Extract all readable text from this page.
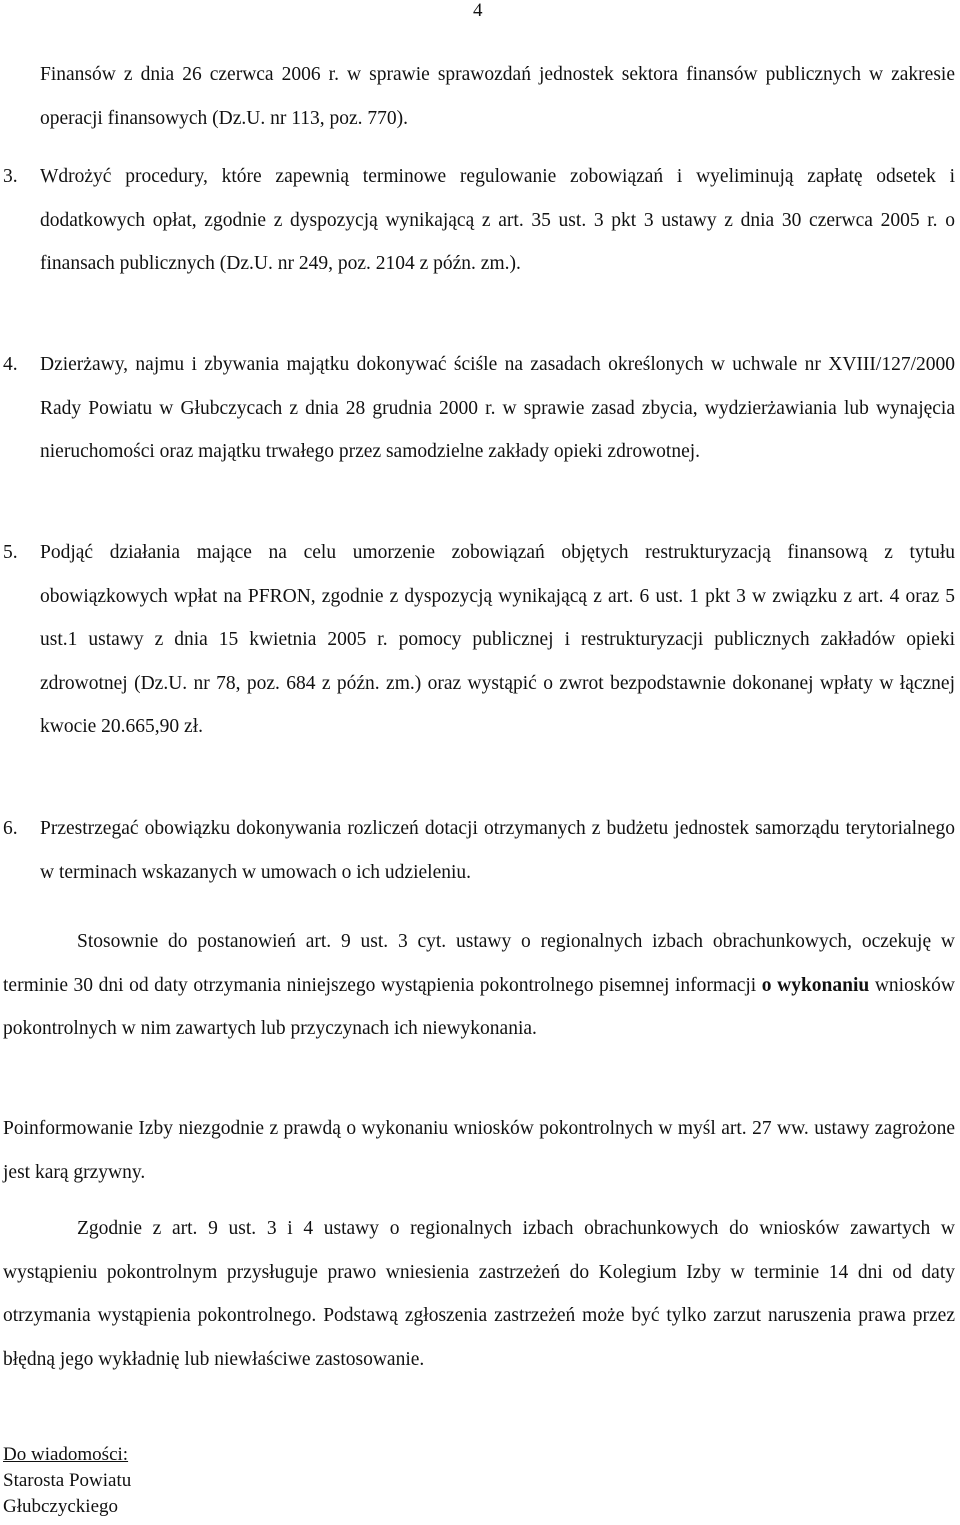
4
Finansów z dnia 26 czerwca 2006 r. w sprawie sprawozdań jednostek sektora finansów publicznych w zakresie operacji finansowych (Dz.U. nr 113, poz. 770).
3. Wdrożyć procedury, które zapewnią terminowe regulowanie zobowiązań i wyeliminują zapłatę odsetek i dodatkowych opłat, zgodnie z dyspozycją wynikającą z art. 35 ust. 3 pkt 3 ustawy z dnia 30 czerwca 2005 r. o finansach publicznych (Dz.U. nr 249, poz. 2104 z późn. zm.).
4. Dzierżawy, najmu i zbywania majątku dokonywać ściśle na zasadach określonych w uchwale nr XVIII/127/2000 Rady Powiatu w Głubczycach z dnia 28 grudnia 2000 r. w sprawie zasad zbycia, wydzierżawiania lub wynajęcia nieruchomości oraz majątku trwałego przez samodzielne zakłady opieki zdrowotnej.
5. Podjąć działania mające na celu umorzenie zobowiązań objętych restrukturyzacją finansową z tytułu obowiązkowych wpłat na PFRON, zgodnie z dyspozycją wynikającą z art. 6 ust. 1 pkt 3 w związku z art. 4 oraz 5 ust.1 ustawy z dnia 15 kwietnia 2005 r. pomocy publicznej i restrukturyzacji publicznych zakładów opieki zdrowotnej (Dz.U. nr 78, poz. 684 z późn. zm.) oraz wystąpić o zwrot bezpodstawnie dokonanej wpłaty w łącznej kwocie 20.665,90 zł.
6. Przestrzegać obowiązku dokonywania rozliczeń dotacji otrzymanych z budżetu jednostek samorządu terytorialnego w terminach wskazanych w umowach o ich udzieleniu.
Stosownie do postanowień art. 9 ust. 3 cyt. ustawy o regionalnych izbach obrachunkowych, oczekuję w terminie 30 dni od daty otrzymania niniejszego wystąpienia pokontrolnego pisemnej informacji o wykonaniu wniosków pokontrolnych w nim zawartych lub przyczynach ich niewykonania.
Poinformowanie Izby niezgodnie z prawdą o wykonaniu wniosków pokontrolnych w myśl art. 27 ww. ustawy zagrożone jest karą grzywny.
Zgodnie z art. 9 ust. 3 i 4 ustawy o regionalnych izbach obrachunkowych do wniosków zawartych w wystąpieniu pokontrolnym przysługuje prawo wniesienia zastrzeżeń do Kolegium Izby w terminie 14 dni od daty otrzymania wystąpienia pokontrolnego. Podstawą zgłoszenia zastrzeżeń może być tylko zarzut naruszenia prawa przez błędną jego wykładnię lub niewłaściwe zastosowanie.
Do wiadomości:
Starosta Powiatu
Głubczyckiego
